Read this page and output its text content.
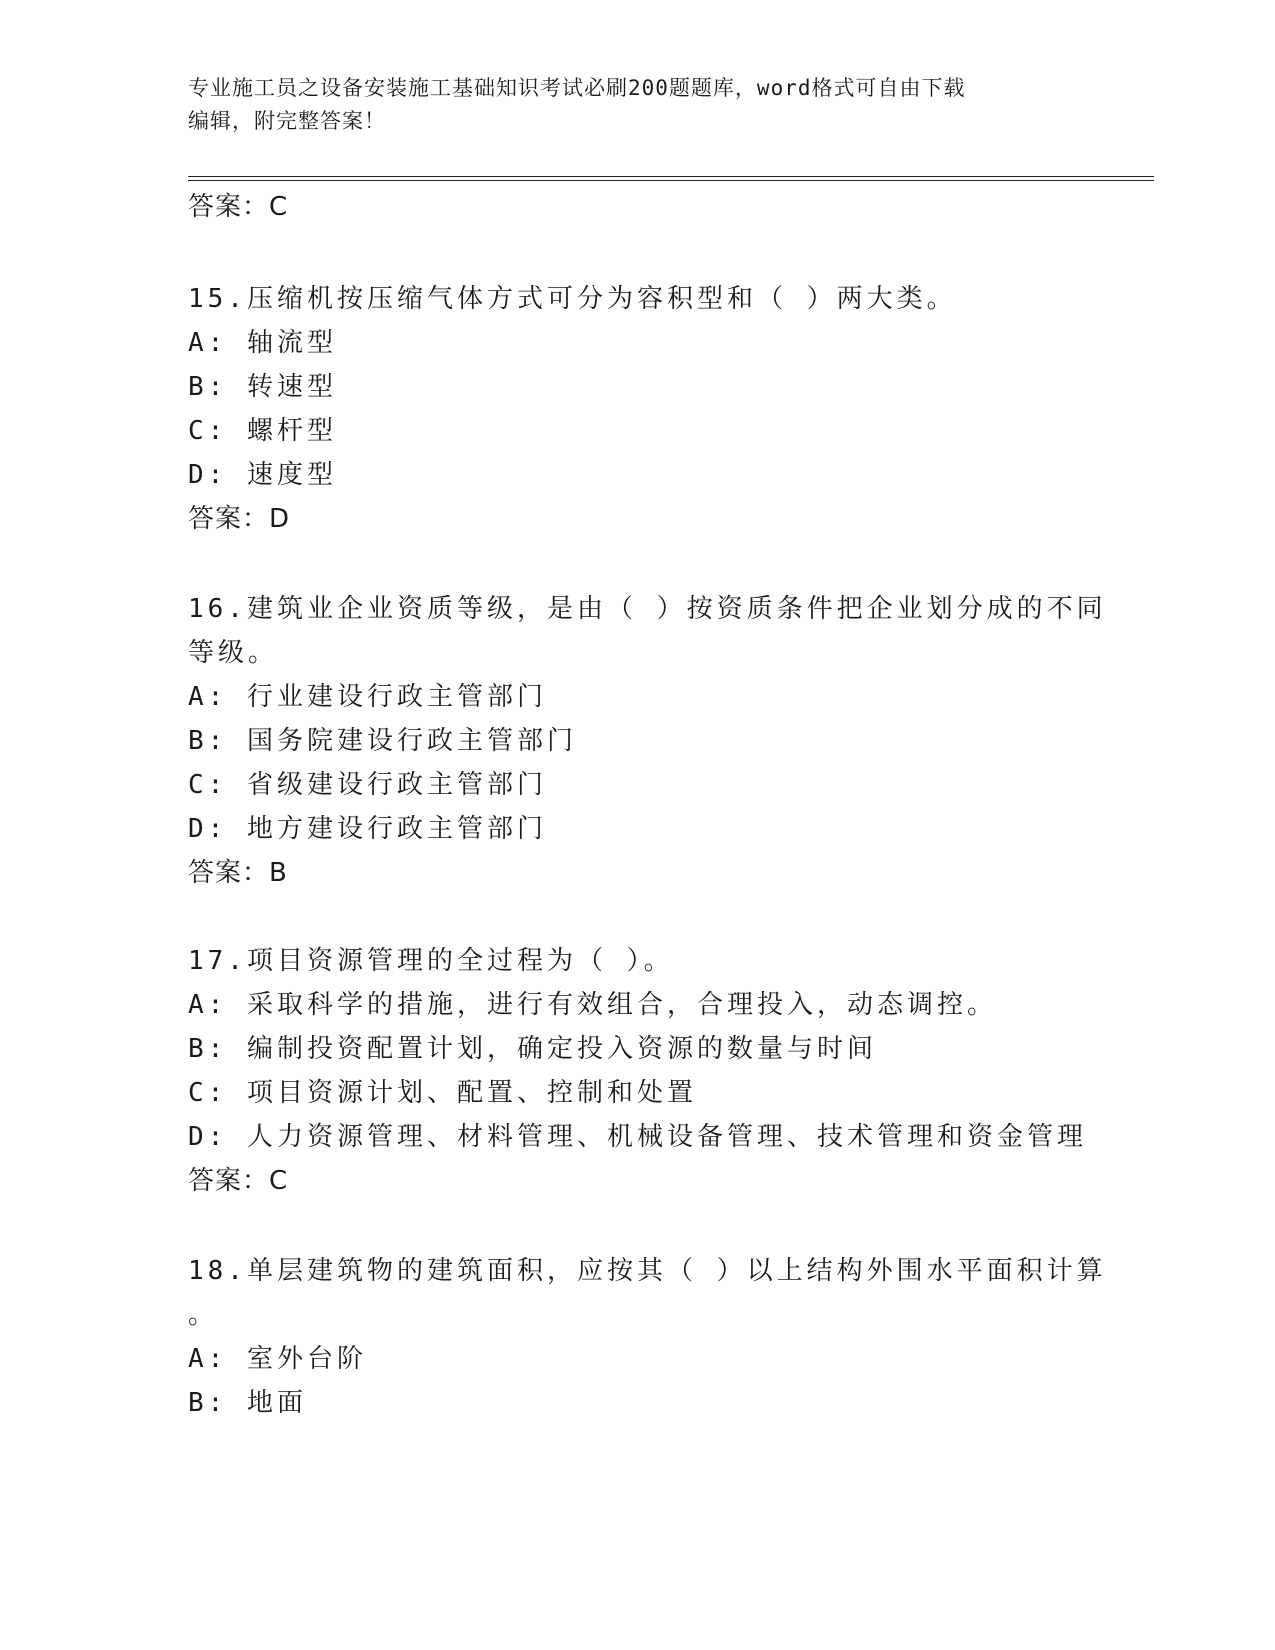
专业施工员之设备安装施工基础知识考试必刷200题题库，word格式可自由下载
编辑，附完整答案！
答案：C
15.压缩机按压缩气体方式可分为容积型和（ ）两大类。
A: 轴流型
B: 转速型
C: 螺杆型
D: 速度型
答案：D
16.建筑业企业资质等级，是由（ ）按资质条件把企业划分成的不同
等级。
A: 行业建设行政主管部门
B: 国务院建设行政主管部门
C: 省级建设行政主管部门
D: 地方建设行政主管部门
答案：B
17.项目资源管理的全过程为（ ）。
A: 采取科学的措施，进行有效组合，合理投入，动态调控。
B: 编制投资配置计划，确定投入资源的数量与时间
C: 项目资源计划、配置、控制和处置
D: 人力资源管理、材料管理、机械设备管理、技术管理和资金管理
答案：C
18.单层建筑物的建筑面积，应按其（ ）以上结构外围水平面积计算
。
A: 室外台阶
B: 地面
